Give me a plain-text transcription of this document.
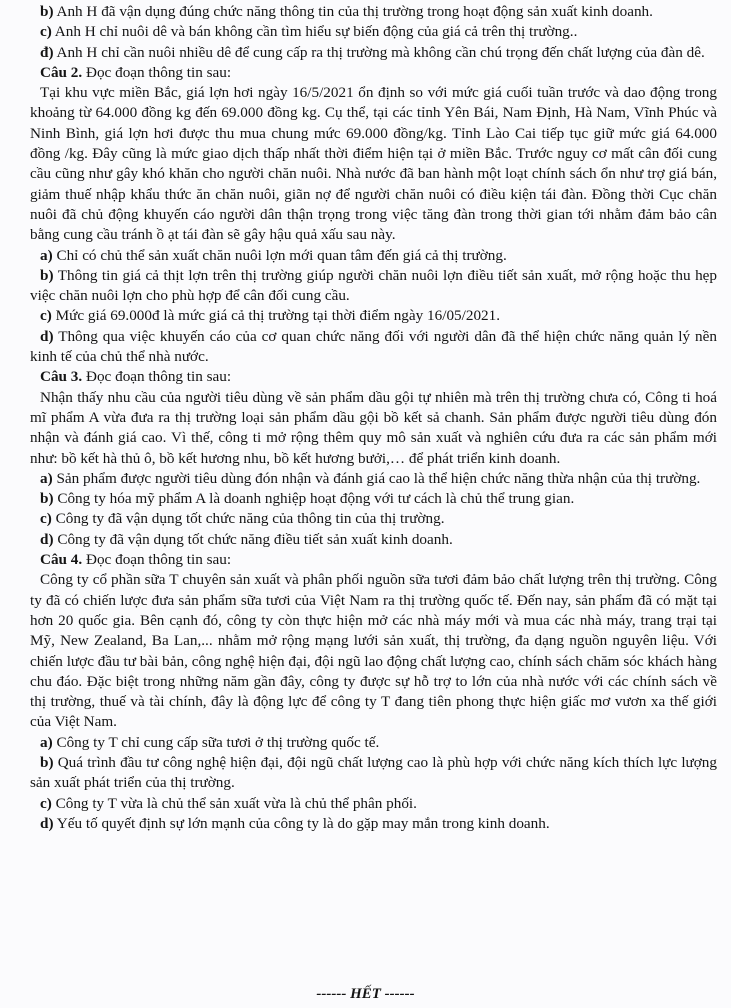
b) Anh H đã vận dụng đúng chức năng thông tin của thị trường trong hoạt động sản xuất kinh doanh.

c) Anh H chỉ nuôi dê và bán không cần tìm hiểu sự biến động của giá cả trên thị trường..

đ) Anh H chỉ cần nuôi nhiều dê để cung cấp ra thị trường mà không cần chú trọng đến chất lượng của đàn dê.

Câu 2. Đọc đoạn thông tin sau:

Tại khu vực miền Bắc, giá lợn hơi ngày 16/5/2021 ổn định so với mức giá cuối tuần trước và dao động trong khoảng từ 64.000 đồng kg đến 69.000 đồng kg. Cụ thể, tại các tỉnh Yên Bái, Nam Định, Hà Nam, Vĩnh Phúc và Ninh Bình, giá lợn hơi được thu mua chung mức 69.000 đồng/kg. Tỉnh Lào Cai tiếp tục giữ mức giá 64.000 đồng /kg. Đây cũng là mức giao dịch thấp nhất thời điểm hiện tại ở miền Bắc. Trước nguy cơ mất cân đối cung cầu cũng như gây khó khăn cho người chăn nuôi. Nhà nước đã ban hành một loạt chính sách ổn như trợ giá bán, giảm thuế nhập khẩu thức ăn chăn nuôi, giãn nợ để người chăn nuôi có điều kiện tái đàn. Đồng thời Cục chăn nuôi đã chủ động khuyến cáo người dân thận trọng trong việc tăng đàn trong thời gian tới nhằm đảm bảo cân bằng cung cầu tránh ồ ạt tái đàn sẽ gây hậu quả xấu sau này.

a) Chỉ có chủ thể sản xuất chăn nuôi lợn mới quan tâm đến giá cả thị trường.

b) Thông tin giá cả thịt lợn trên thị trường giúp người chăn nuôi lợn điều tiết sản xuất, mở rộng hoặc thu hẹp việc chăn nuôi lợn cho phù hợp để cân đối cung cầu.

c) Mức giá 69.000đ là mức giá cả thị trường tại thời điểm ngày 16/05/2021.

d) Thông qua việc khuyến cáo của cơ quan chức năng đối với người dân đã thể hiện chức năng quản lý nền kinh tế của chủ thể nhà nước.

Câu 3. Đọc đoạn thông tin sau:

Nhận thấy nhu cầu của người tiêu dùng về sản phẩm dầu gội tự nhiên mà trên thị trường chưa có, Công ti hoá mĩ phẩm A vừa đưa ra thị trường loại sản phẩm dầu gội bồ kết sả chanh. Sản phẩm được người tiêu dùng đón nhận và đánh giá cao. Vì thế, công ti mở rộng thêm quy mô sản xuất và nghiên cứu đưa ra các sản phẩm mới như: bồ kết hà thủ ô, bồ kết hương nhu, bồ kết hương bưởi,… để phát triển kinh doanh.

a) Sản phẩm được người tiêu dùng đón nhận và đánh giá cao là thể hiện chức năng thừa nhận của thị trường.

b) Công ty hóa mỹ phẩm A là doanh nghiệp hoạt động với tư cách là chủ thể trung gian.

c) Công ty đã vận dụng tốt chức năng của thông tin của thị trường.

d) Công ty đã vận dụng tốt chức năng điều tiết sản xuất kinh doanh.

Câu 4. Đọc đoạn thông tin sau:

Công ty cổ phần sữa T chuyên sản xuất và phân phối nguồn sữa tươi đảm bảo chất lượng trên thị trường. Công ty đã có chiến lược đưa sản phẩm sữa tươi của Việt Nam ra thị trường quốc tế. Đến nay, sản phẩm đã có mặt tại hơn 20 quốc gia. Bên cạnh đó, công ty còn thực hiện mở các nhà máy mới và mua các nhà máy, trang trại tại Mỹ, New Zealand, Ba Lan,... nhằm mở rộng mạng lưới sản xuất, thị trường, đa dạng nguồn nguyên liệu. Với chiến lược đầu tư bài bản, công nghệ hiện đại, đội ngũ lao động chất lượng cao, chính sách chăm sóc khách hàng chu đáo. Đặc biệt trong những năm gần đây, công ty được sự hỗ trợ to lớn của nhà nước với các chính sách về thị trường, thuế và tài chính, đây là động lực để công ty T đang tiên phong thực hiện giấc mơ vươn xa thế giới của Việt Nam.

a) Công ty T chỉ cung cấp sữa tươi ở thị trường quốc tế.

b) Quá trình đầu tư công nghệ hiện đại, đội ngũ chất lượng cao là phù hợp với chức năng kích thích lực lượng sản xuất phát triển của thị trường.

c) Công ty T vừa là chủ thể sản xuất vừa là chủ thể phân phối.

d) Yếu tố quyết định sự lớn mạnh của công ty là do gặp may mắn trong kinh doanh.

------ HẾT ------
